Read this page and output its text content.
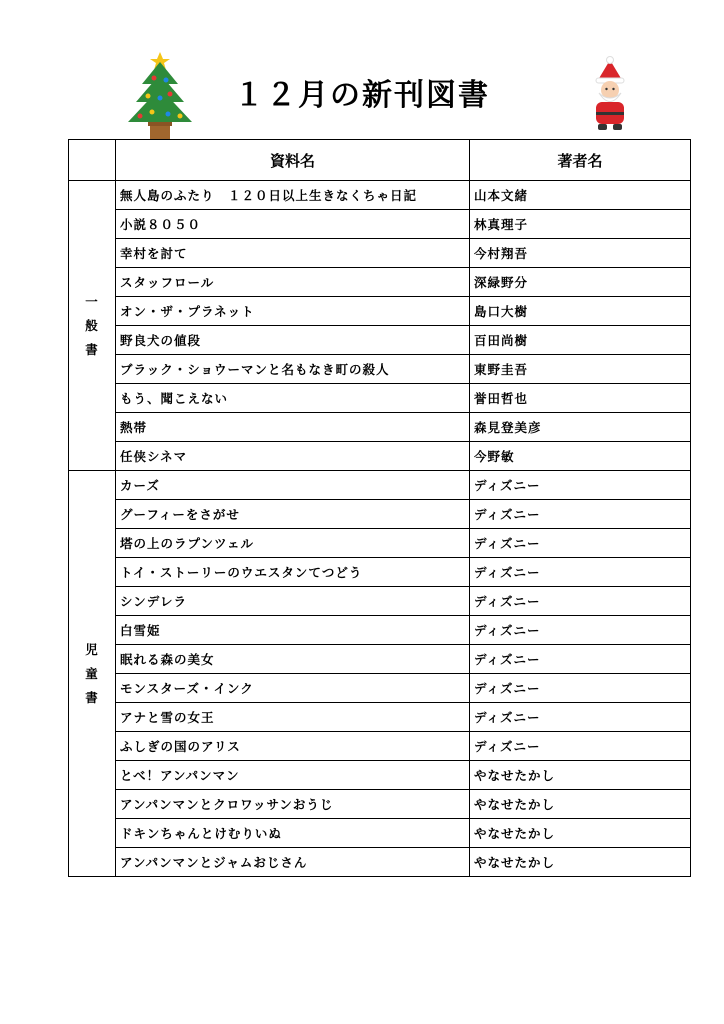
１２月の新刊図書
	資料名	著者名

一
般
書	無人島のふたり　１２０日以上生きなくちゃ日記	山本文緒
	小説８０５０	林真理子
	幸村を討て	今村翔吾
	スタッフロール	深緑野分
	オン・ザ・プラネット	島口大樹
	野良犬の値段	百田尚樹
	ブラック・ショウーマンと名もなき町の殺人	東野圭吾
	もう、聞こえない	誉田哲也
	熱帯	森見登美彦
	任侠シネマ	今野敏

児
童
書	カーズ	ディズニー
	グーフィーをさがせ	ディズニー
	塔の上のラプンツェル	ディズニー
	トイ・ストーリーのウエスタンてつどう	ディズニー
	シンデレラ	ディズニー
	白雪姫	ディズニー
	眠れる森の美女	ディズニー
	モンスターズ・インク	ディズニー
	アナと雪の女王	ディズニー
	ふしぎの国のアリス	ディズニー
	とべ！アンパンマン	やなせたかし
	アンパンマンとクロワッサンおうじ	やなせたかし
	ドキンちゃんとけむりいぬ	やなせたかし
	アンパンマンとジャムおじさん	やなせたかし
